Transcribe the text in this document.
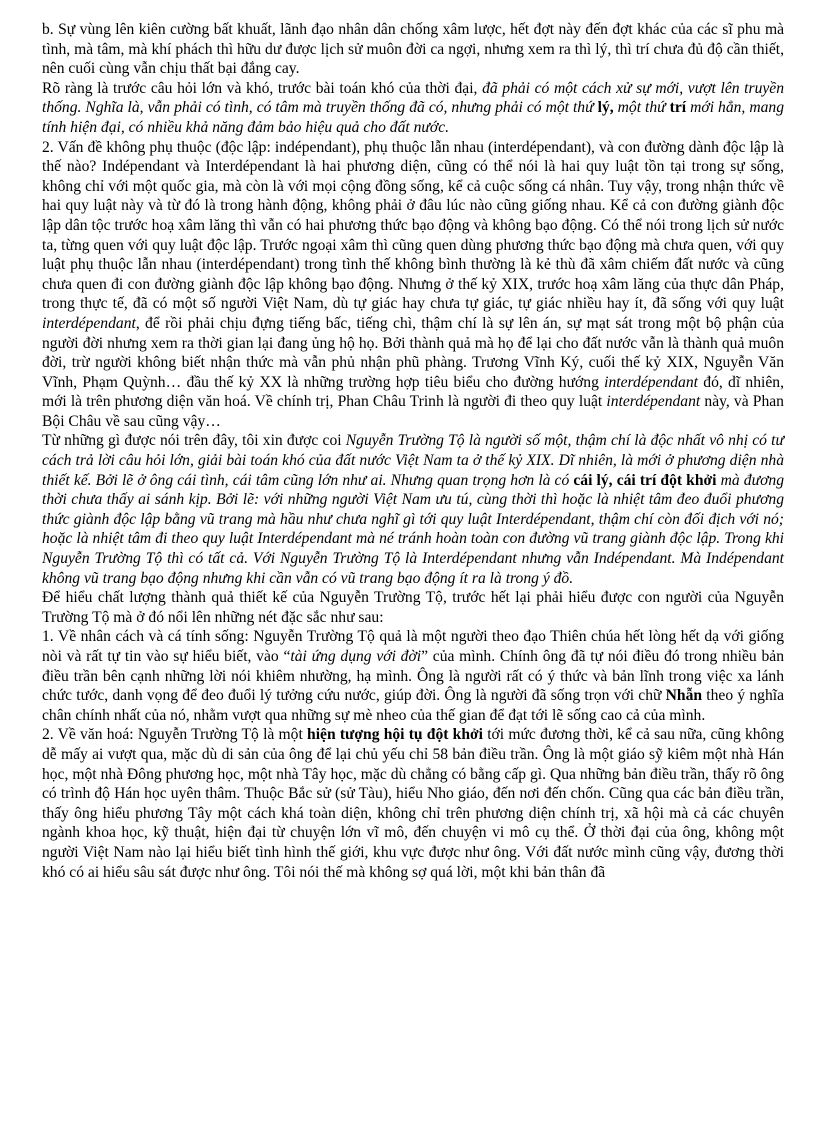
b. Sự vùng lên kiên cường bất khuất, lãnh đạo nhân dân chống xâm lược, hết đợt này đến đợt khác của các sĩ phu mà tình, mà tâm, mà khí phách thì hữu dư được lịch sử muôn đời ca ngợi, nhưng xem ra thì lý, thì trí chưa đủ độ cần thiết, nên cuối cùng vẫn chịu thất bại đắng cay.

Rõ ràng là trước câu hỏi lớn và khó, trước bài toán khó của thời đại, đã phải có một cách xử sự mới, vượt lên truyền thống. Nghĩa là, vẫn phải có tình, có tâm mà truyền thống đã có, nhưng phải có một thứ lý, một thứ trí mới hẳn, mang tính hiện đại, có nhiều khả năng đảm bảo hiệu quả cho đất nước.

2. Vấn đề không phụ thuộc (độc lập: indépendant), phụ thuộc lẫn nhau (interdépendant), và con đường dành độc lập là thế nào? Indépendant và Interdépendant là hai phương diện, cũng có thể nói là hai quy luật tồn tại trong sự sống, không chỉ với một quốc gia, mà còn là với mọi cộng đồng sống, kể cả cuộc sống cá nhân. Tuy vậy, trong nhận thức về hai quy luật này và từ đó là trong hành động, không phải ở đâu lúc nào cũng giống nhau. Kể cả con đường giành độc lập dân tộc trước hoạ xâm lăng thì vẫn có hai phương thức bạo động và không bạo động. Có thể nói trong lịch sử nước ta, từng quen với quy luật độc lập. Trước ngoại xâm thì cũng quen dùng phương thức bạo động mà chưa quen, với quy luật phụ thuộc lẫn nhau (interdépendant) trong tình thế không bình thường là kẻ thù đã xâm chiếm đất nước và cũng chưa quen đi con đường giành độc lập không bạo động. Nhưng ở thế kỷ XIX, trước hoạ xâm lăng của thực dân Pháp, trong thực tế, đã có một số người Việt Nam, dù tự giác hay chưa tự giác, tự giác nhiều hay ít, đã sống với quy luật interdépendant, để rồi phải chịu đựng tiếng bấc, tiếng chì, thậm chí là sự lên án, sự mạt sát trong một bộ phận của người đời nhưng xem ra thời gian lại đang ủng hộ họ. Bởi thành quả mà họ để lại cho đất nước vẫn là thành quả muôn đời, trừ người không biết nhận thức mà vẫn phủ nhận phũ phàng. Trương Vĩnh Ký, cuối thế kỷ XIX, Nguyễn Văn Vĩnh, Phạm Quỳnh… đầu thế kỷ XX là những trường hợp tiêu biểu cho đường hướng interdépendant đó, dĩ nhiên, mới là trên phương diện văn hoá. Về chính trị, Phan Châu Trinh là người đi theo quy luật interdépendant này, và Phan Bội Châu về sau cũng vậy…

Từ những gì được nói trên đây, tôi xin được coi Nguyễn Trường Tộ là người số một, thậm chí là độc nhất vô nhị có tư cách trả lời câu hỏi lớn, giải bài toán khó của đất nước Việt Nam ta ở thế kỷ XIX. Dĩ nhiên, là mới ở phương diện nhà thiết kế. Bởi lẽ ở ông cái tình, cái tâm cũng lớn như ai. Nhưng quan trọng hơn là có cái lý, cái trí đột khởi mà đương thời chưa thấy ai sánh kịp. Bởi lẽ: với những người Việt Nam ưu tú, cùng thời thì hoặc là nhiệt tâm đeo đuổi phương thức giành độc lập bằng vũ trang mà hầu như chưa nghĩ gì tới quy luật Interdépendant, thậm chí còn đối địch với nó; hoặc là nhiệt tâm đi theo quy luật Interdépendant mà né tránh hoàn toàn con đường vũ trang giành độc lập. Trong khi Nguyễn Trường Tộ thì có tất cả. Với Nguyễn Trường Tộ là Interdépendant nhưng vẫn Indépendant. Mà Indépendant không vũ trang bạo động nhưng khi cần vẫn có vũ trang bạo động ít ra là trong ý đồ.

Để hiểu chất lượng thành quả thiết kế của Nguyễn Trường Tộ, trước hết lại phải hiểu được con người của Nguyễn Trường Tộ mà ở đó nổi lên những nét đặc sắc như sau:

1. Về nhân cách và cá tính sống: Nguyễn Trường Tộ quả là một người theo đạo Thiên chúa hết lòng hết dạ với giống nòi và rất tự tin vào sự hiểu biết, vào “tài ứng dụng với đời” của mình. Chính ông đã tự nói điều đó trong nhiều bản điều trần bên cạnh những lời nói khiêm nhường, hạ mình. Ông là người rất có ý thức và bản lĩnh trong việc xa lánh chức tước, danh vọng để đeo đuổi lý tưởng cứu nước, giúp đời. Ông là người đã sống trọn với chữ Nhẫn theo ý nghĩa chân chính nhất của nó, nhằm vượt qua những sự mè nheo của thế gian để đạt tới lẽ sống cao cả của mình.

2. Về văn hoá: Nguyễn Trường Tộ là một hiện tượng hội tụ đột khởi tới mức đương thời, kể cả sau nữa, cũng không dễ mấy ai vượt qua, mặc dù di sản của ông để lại chủ yếu chỉ 58 bản điều trần. Ông là một giáo sỹ kiêm một nhà Hán học, một nhà Đông phương học, một nhà Tây học, mặc dù chẳng có bằng cấp gì. Qua những bản điều trần, thấy rõ ông có trình độ Hán học uyên thâm. Thuộc Bắc sử (sử Tàu), hiểu Nho giáo, đến nơi đến chốn. Cũng qua các bản điều trần, thấy ông hiểu phương Tây một cách khá toàn diện, không chỉ trên phương diện chính trị, xã hội mà cả các chuyên ngành khoa học, kỹ thuật, hiện đại từ chuyện lớn vĩ mô, đến chuyện vi mô cụ thể. Ở thời đại của ông, không một người Việt Nam nào lại hiểu biết tình hình thế giới, khu vực được như ông. Với đất nước mình cũng vậy, đương thời khó có ai hiểu sâu sát được như ông. Tôi nói thế mà không sợ quá lời, một khi bản thân đã
